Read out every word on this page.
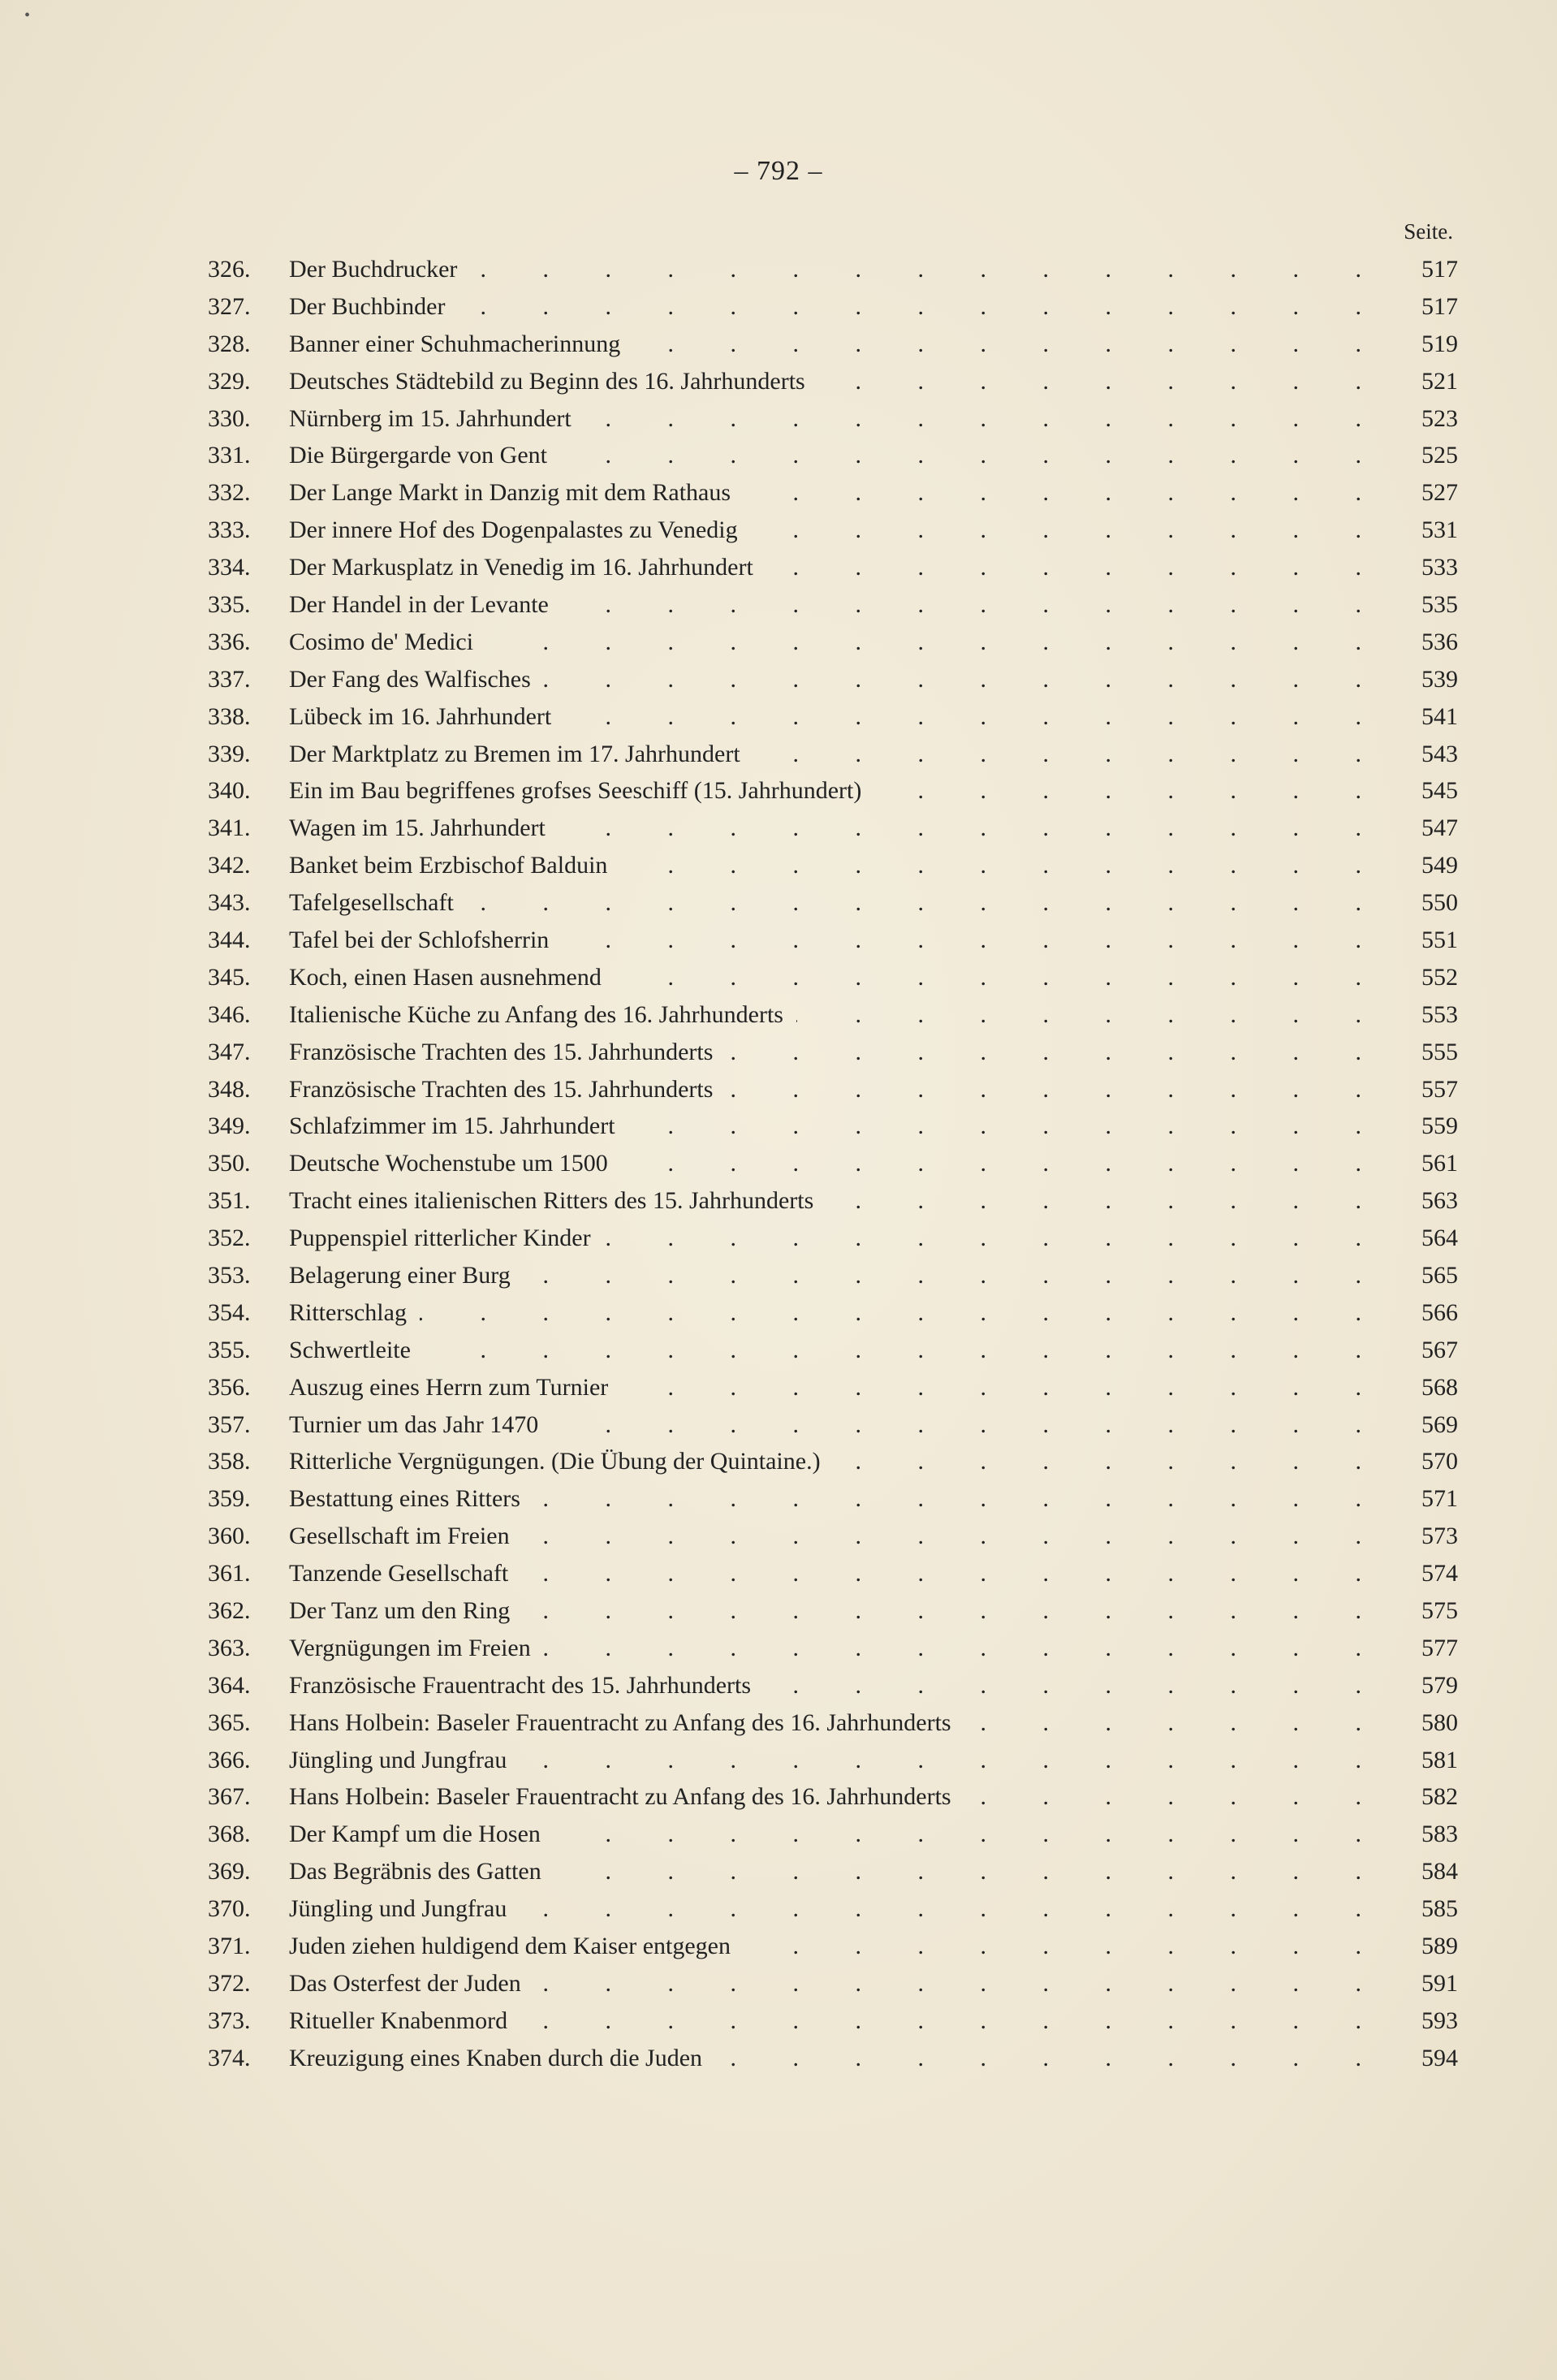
•
– 792 –
Seite.
326.	Der Buchdrucker . . .	517
327.	Der Buchbinder . . .	517
328.	Banner einer Schuhmacherinnung . . .	519
329.	Deutsches Städtebild zu Beginn des 16. Jahrhunderts . . .	521
330.	Nürnberg im 15. Jahrhundert . . .	523
331.	Die Bürgergarde von Gent . . .	525
332.	Der Lange Markt in Danzig mit dem Rathaus . . .	527
333.	Der innere Hof des Dogenpalastes zu Venedig . . .	531
334.	Der Markusplatz in Venedig im 16. Jahrhundert . . .	533
335.	Der Handel in der Levante . . .	535
336.	Cosimo de' Medici . . .	536
337.	Der Fang des Walfisches . . .	539
338.	Lübeck im 16. Jahrhundert . . .	541
339.	Der Marktplatz zu Bremen im 17. Jahrhundert . . .	543
340.	Ein im Bau begriffenes grofses Seeschiff (15. Jahrhundert) . . .	545
341.	Wagen im 15. Jahrhundert . . .	547
342.	Banket beim Erzbischof Balduin . . .	549
343.	Tafelgesellschaft . . .	550
344.	Tafel bei der Schlofsherrin . . .	551
345.	Koch, einen Hasen ausnehmend . . .	552
346.	Italienische Küche zu Anfang des 16. Jahrhunderts . . .	553
347.	Französische Trachten des 15. Jahrhunderts . . .	555
348.	Französische Trachten des 15. Jahrhunderts . . .	557
349.	Schlafzimmer im 15. Jahrhundert . . .	559
350.	Deutsche Wochenstube um 1500 . . .	561
351.	Tracht eines italienischen Ritters des 15. Jahrhunderts . . .	563
352.	Puppenspiel ritterlicher Kinder . . .	564
353.	Belagerung einer Burg . . .	565
354.	Ritterschlag . . .	566
355.	Schwertleite . . .	567
356.	Auszug eines Herrn zum Turnier . . .	568
357.	Turnier um das Jahr 1470 . . .	569
358.	Ritterliche Vergnügungen. (Die Übung der Quintaine.) . . .	570
359.	Bestattung eines Ritters . . .	571
360.	Gesellschaft im Freien . . .	573
361.	Tanzende Gesellschaft . . .	574
362.	Der Tanz um den Ring . . .	575
363.	Vergnügungen im Freien . . .	577
364.	Französische Frauentracht des 15. Jahrhunderts . . .	579
365.	Hans Holbein: Baseler Frauentracht zu Anfang des 16. Jahrhunderts . . .	580
366.	Jüngling und Jungfrau . . .	581
367.	Hans Holbein: Baseler Frauentracht zu Anfang des 16. Jahrhunderts . . .	582
368.	Der Kampf um die Hosen . . .	583
369.	Das Begräbnis des Gatten . . .	584
370.	Jüngling und Jungfrau . . .	585
371.	Juden ziehen huldigend dem Kaiser entgegen . . .	589
372.	Das Osterfest der Juden . . .	591
373.	Ritueller Knabenmord . . .	593
374.	Kreuzigung eines Knaben durch die Juden . . .	594
